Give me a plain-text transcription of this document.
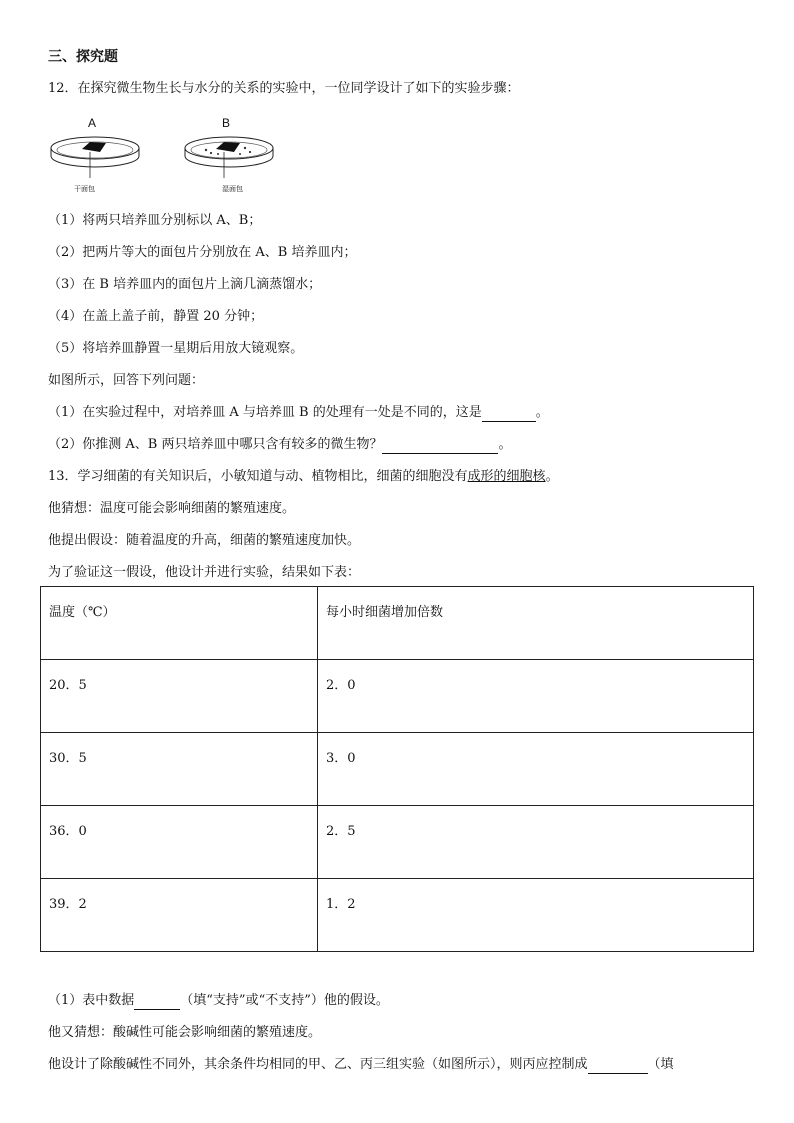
三、探究题
12．在探究微生物生长与水分的关系的实验中，一位同学设计了如下的实验步骤：
A	B
干面包	湿面包
（1）将两只培养皿分别标以 A、B；
（2）把两片等大的面包片分别放在 A、B 培养皿内；
（3）在 B 培养皿内的面包片上滴几滴蒸馏水；
（4）在盖上盖子前，静置 20 分钟；
（5）将培养皿静置一星期后用放大镜观察。
如图所示，回答下列问题：
（1）在实验过程中，对培养皿 A 与培养皿 B 的处理有一处是不同的，这是	。
（2）你推测 A、B 两只培养皿中哪只含有较多的微生物？	。
13．学习细菌的有关知识后，小敏知道与动、植物相比，细菌的细胞没有成形的细胞核。
他猜想：温度可能会影响细菌的繁殖速度。
他提出假设：随着温度的升高，细菌的繁殖速度加快。
为了验证这一假设，他设计并进行实验，结果如下表：
温度（℃）	每小时细菌增加倍数
20．5	2．0
30．5	3．0
36．0	2．5
39．2	1．2
（1）表中数据	（填“支持”或“不支持”）他的假设。
他又猜想：酸碱性可能会影响细菌的繁殖速度。
他设计了除酸碱性不同外，其余条件均相同的甲、乙、丙三组实验（如图所示），则丙应控制成	（填
